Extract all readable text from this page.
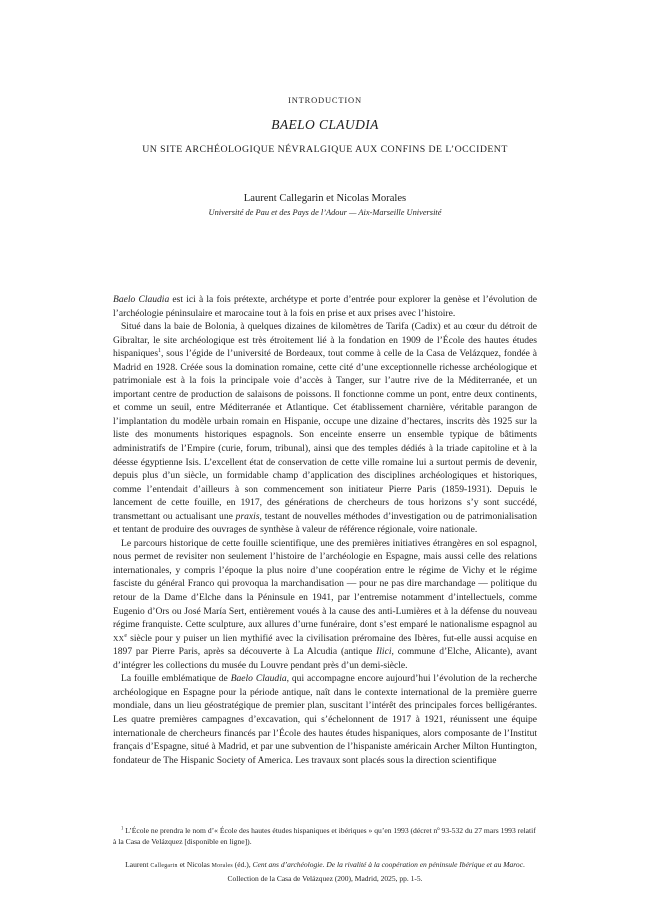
INTRODUCTION
BAELO CLAUDIA
UN SITE ARCHÉOLOGIQUE NÉVRALGIQUE AUX CONFINS DE L’OCCIDENT
Laurent Callegarin et Nicolas Morales
Université de Pau et des Pays de l’Adour — Aix-Marseille Université

Baelo Claudia est ici à la fois prétexte, archétype et porte d’entrée pour explorer la genèse et l’évolution de l’archéologie péninsulaire et marocaine tout à la fois en prise et aux prises avec l’histoire.

Situé dans la baie de Bolonia, à quelques dizaines de kilomètres de Tarifa (Cadix) et au cœur du détroit de Gibraltar, le site archéologique est très étroitement lié à la fondation en 1909 de l’École des hautes études hispaniques$^1$, sous l’égide de l’université de Bordeaux, tout comme à celle de la Casa de Velázquez, fondée à Madrid en 1928. Créée sous la domination romaine, cette cité d’une exceptionnelle richesse archéologique et patrimoniale est à la fois la principale voie d’accès à Tanger, sur l’autre rive de la Méditerranée, et un important centre de production de salaisons de poissons. Il fonctionne comme un pont, entre deux continents, et comme un seuil, entre Méditerranée et Atlantique. Cet établissement charnière, véritable parangon de l’implantation du modèle urbain romain en Hispanie, occupe une dizaine d’hectares, inscrits dès 1925 sur la liste des monuments historiques espagnols. Son enceinte enserre un ensemble typique de bâtiments administratifs de l’Empire (curie, forum, tribunal), ainsi que des temples dédiés à la triade capitoline et à la déesse égyptienne Isis. L’excellent état de conservation de cette ville romaine lui a surtout permis de devenir, depuis plus d’un siècle, un formidable champ d’application des disciplines archéologiques et historiques, comme l’entendait d’ailleurs à son commencement son initiateur Pierre Paris (1859-1931). Depuis le lancement de cette fouille, en 1917, des générations de chercheurs de tous horizons s’y sont succédé, transmettant ou actualisant une praxis, testant de nouvelles méthodes d’investigation ou de patrimonialisation et tentant de produire des ouvrages de synthèse à valeur de référence régionale, voire nationale.

Le parcours historique de cette fouille scientifique, une des premières initiatives étrangères en sol espagnol, nous permet de revisiter non seulement l’histoire de l’archéologie en Espagne, mais aussi celle des relations internationales, y compris l’époque la plus noire d’une coopération entre le régime de Vichy et le régime fasciste du général Franco qui provoqua la marchandisation — pour ne pas dire marchandage — politique du retour de la Dame d’Elche dans la Péninsule en 1941, par l’entremise notamment d’intellectuels, comme Eugenio d’Ors ou José María Sert, entièrement voués à la cause des anti-Lumières et à la défense du nouveau régime franquiste. Cette sculpture, aux allures d’urne funéraire, dont s’est emparé le nationalisme espagnol au XXe siècle pour y puiser un lien mythifié avec la civilisation préromaine des Ibères, fut-elle aussi acquise en 1897 par Pierre Paris, après sa découverte à La Alcudia (antique Ilici, commune d’Elche, Alicante), avant d’intégrer les collections du musée du Louvre pendant près d’un demi-siècle.

La fouille emblématique de Baelo Claudia, qui accompagne encore aujourd’hui l’évolution de la recherche archéologique en Espagne pour la période antique, naît dans le contexte international de la première guerre mondiale, dans un lieu géostratégique de premier plan, suscitant l’intérêt des principales forces belligérantes. Les quatre premières campagnes d’excavation, qui s’échelonnent de 1917 à 1921, réunissent une équipe internationale de chercheurs financés par l’École des hautes études hispaniques, alors composante de l’Institut français d’Espagne, situé à Madrid, et par une subvention de l’hispaniste américain Archer Milton Huntington, fondateur de The Hispanic Society of America. Les travaux sont placés sous la direction scientifique

$^1$ L’École ne prendra le nom d’« École des hautes études hispaniques et ibériques » qu’en 1993 (décret nº 93-532 du 27 mars 1993 relatif à la Casa de Velázquez [disponible en ligne]).
Laurent Callegarin et Nicolas Morales (éd.), Cent ans d’archéologie. De la rivalité à la coopération en péninsule Ibérique et au Maroc. Collection de la Casa de Velázquez (200), Madrid, 2025, pp. 1-5.
